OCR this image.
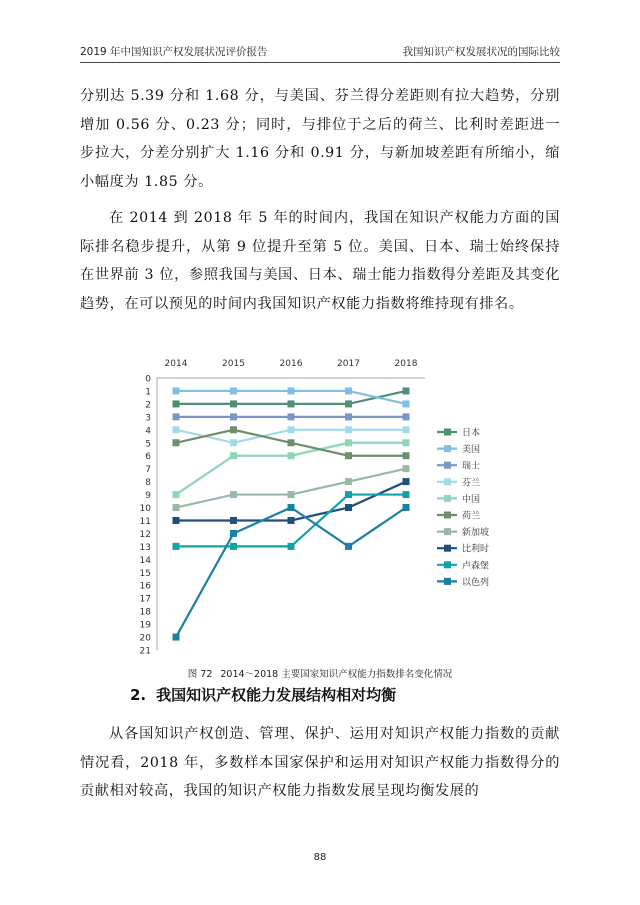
2019 年中国知识产权发展状况评价报告	我国知识产权发展状况的国际比较
分别达 5.39 分和 1.68 分，与美国、芬兰得分差距则有拉大趋势，分别增加 0.56 分、0.23 分；同时，与排位于之后的荷兰、比利时差距进一步拉大，分差分别扩大 1.16 分和 0.91 分，与新加坡差距有所缩小，缩小幅度为 1.85 分。
在 2014 到 2018 年 5 年的时间内，我国在知识产权能力方面的国际排名稳步提升，从第 9 位提升至第 5 位。美国、日本、瑞士始终保持在世界前 3 位，参照我国与美国、日本、瑞士能力指数得分差距及其变化趋势，在可以预见的时间内我国知识产权能力指数将维持现有排名。
0
1
2
3
4
5
6
7
8
9
10
11
12
13
14
15
16
17
18
19
20
21
2014	2015	2016	2017	2018
日本
美国
瑞士
芬兰
中国
荷兰
新加坡
比利时
卢森堡
以色列
图 72 2014～2018 主要国家知识产权能力指数排名变化情况
2. 我国知识产权能力发展结构相对均衡
从各国知识产权创造、管理、保护、运用对知识产权能力指数的贡献情况看，2018 年，多数样本国家保护和运用对知识产权能力指数得分的贡献相对较高，我国的知识产权能力指数发展呈现均衡发展的
88
